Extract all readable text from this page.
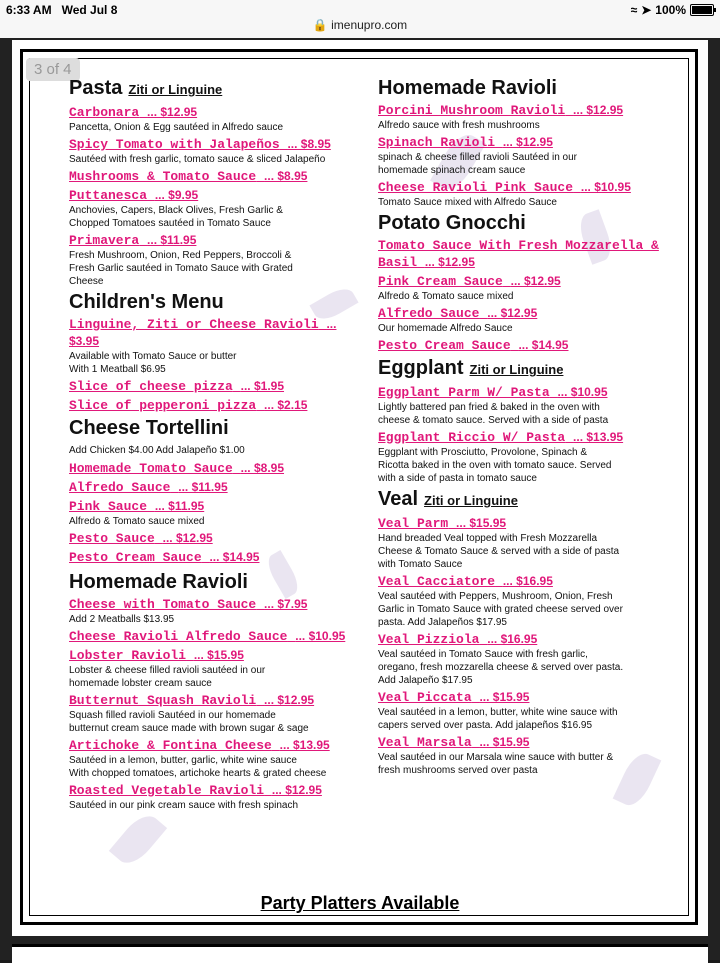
6:33 AM Wed Jul 8	≈ ➤ 100%
🔒 imenupro.com
3 of 4
Pasta Ziti or Linguine
Carbonara ... $12.95
Pancetta, Onion & Egg sautéed in Alfredo sauce
Spicy Tomato with Jalapeños ... $8.95
Sautéed with fresh garlic, tomato sauce & sliced Jalapeño
Mushrooms & Tomato Sauce ... $8.95
Puttanesca ... $9.95
Anchovies, Capers, Black Olives, Fresh Garlic &
Chopped Tomatoes sautéed in Tomato Sauce
Primavera ... $11.95
Fresh Mushroom, Onion, Red Peppers, Broccoli &
Fresh Garlic sautéed in Tomato Sauce with Grated
Cheese
Children's Menu
Linguine, Ziti or Cheese Ravioli ... $3.95
Available with Tomato Sauce or butter
With 1 Meatball $6.95
Slice of cheese pizza ... $1.95
Slice of pepperoni pizza ... $2.15
Cheese Tortellini
Add Chicken $4.00 Add Jalapeño $1.00
Homemade Tomato Sauce ... $8.95
Alfredo Sauce ... $11.95
Pink Sauce ... $11.95
Alfredo & Tomato sauce mixed
Pesto Sauce ... $12.95
Pesto Cream Sauce ... $14.95
Homemade Ravioli
Cheese with Tomato Sauce ... $7.95
Add 2 Meatballs $13.95
Cheese Ravioli Alfredo Sauce ... $10.95
Lobster Ravioli ... $15.95
Lobster & cheese filled ravioli sautéed in our
homemade lobster cream sauce
Butternut Squash Ravioli ... $12.95
Squash filled ravioli Sautéed in our homemade
butternut cream sauce made with brown sugar & sage
Artichoke & Fontina Cheese ... $13.95
Sautéed in a lemon, butter, garlic, white wine sauce
With chopped tomatoes, artichoke hearts & grated cheese
Roasted Vegetable Ravioli ... $12.95
Sautéed in our pink cream sauce with fresh spinach
Homemade Ravioli
Porcini Mushroom Ravioli ... $12.95
Alfredo sauce with fresh mushrooms
Spinach Ravioli ... $12.95
spinach & cheese filled ravioli Sautéed in our
homemade spinach cream sauce
Cheese Ravioli Pink Sauce ... $10.95
Tomato Sauce mixed with Alfredo Sauce
Potato Gnocchi
Tomato Sauce With Fresh Mozzarella & Basil ... $12.95
Pink Cream Sauce ... $12.95
Alfredo & Tomato sauce mixed
Alfredo Sauce ... $12.95
Our homemade Alfredo Sauce
Pesto Cream Sauce ... $14.95
Eggplant Ziti or Linguine
Eggplant Parm W/ Pasta ... $10.95
Lightly battered pan fried & baked in the oven with
cheese & tomato sauce. Served with a side of pasta
Eggplant Riccio W/ Pasta ... $13.95
Eggplant with Prosciutto, Provolone, Spinach &
Ricotta baked in the oven with tomato sauce. Served
with a side of pasta in tomato sauce
Veal Ziti or Linguine
Veal Parm ... $15.95
Hand breaded Veal topped with Fresh Mozzarella
Cheese & Tomato Sauce & served with a side of pasta
with Tomato Sauce
Veal Cacciatore ... $16.95
Veal sautéed with Peppers, Mushroom, Onion, Fresh
Garlic in Tomato Sauce with grated cheese served over
pasta. Add Jalapeños $17.95
Veal Pizziola ... $16.95
Veal sautéed in Tomato Sauce with fresh garlic,
oregano, fresh mozzarella cheese & served over pasta.
Add Jalapeño $17.95
Veal Piccata ... $15.95
Veal sautéed in a lemon, butter, white wine sauce with
capers served over pasta. Add jalapeños $16.95
Veal Marsala ... $15.95
Veal sautéed in our Marsala wine sauce with butter &
fresh mushrooms served over pasta
Party Platters Available
